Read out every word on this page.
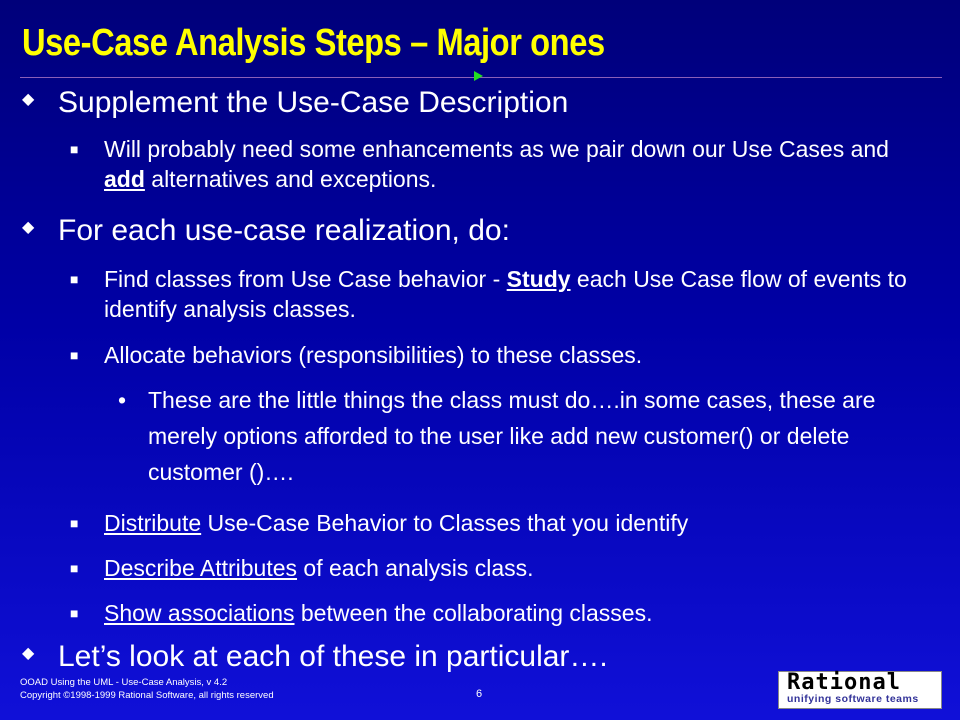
Use-Case Analysis Steps – Major ones
◆ Supplement the Use-Case Description
■ Will probably need some enhancements as we pair down our Use Cases and add alternatives and exceptions.
◆ For each use-case realization, do:
■ Find classes from Use Case behavior - Study each Use Case flow of events to identify analysis classes.
■ Allocate behaviors (responsibilities) to these classes.
• These are the little things the class must do….in some cases, these are merely options afforded to the user like add new customer() or delete customer ()….
■ Distribute Use-Case Behavior to Classes that you identify
■ Describe Attributes of each analysis class.
■ Show associations between the collaborating classes.
◆ Let’s look at each of these in particular….
OOAD Using the UML - Use-Case Analysis, v 4.2
Copyright ©1998-1999 Rational Software, all rights reserved	6	Rational
unifying software teams
